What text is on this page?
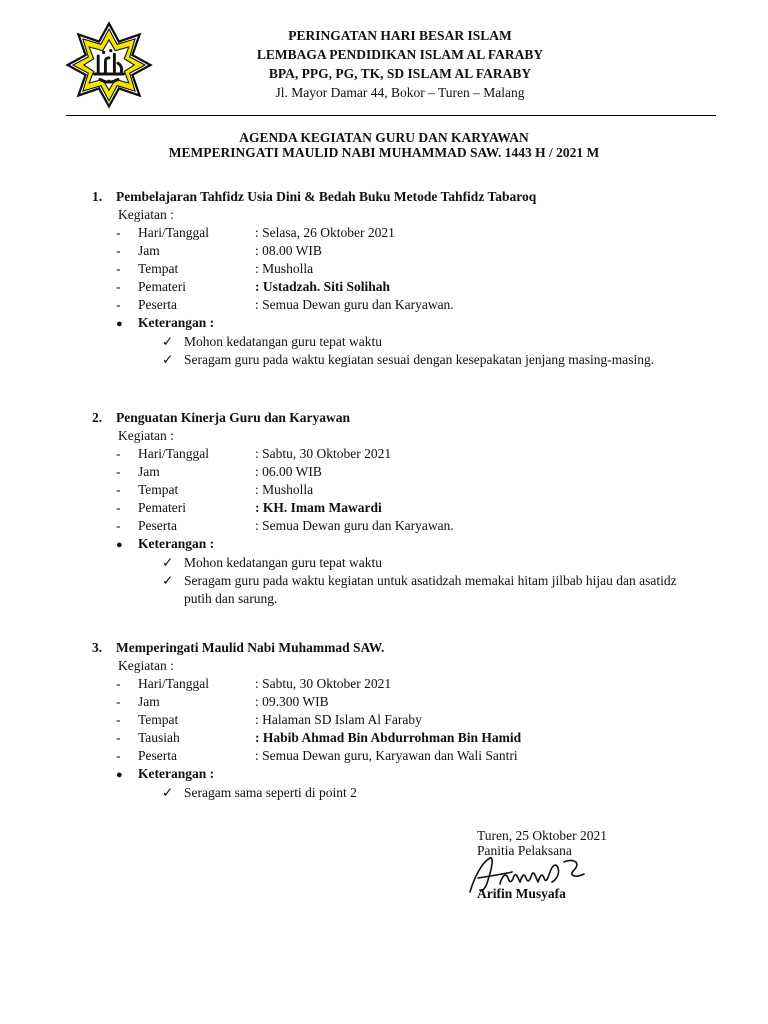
PERINGATAN HARI BESAR ISLAM
LEMBAGA PENDIDIKAN ISLAM AL FARABY
BPA, PPG, PG, TK, SD ISLAM AL FARABY
Jl. Mayor Damar 44, Bokor – Turen – Malang
AGENDA KEGIATAN GURU DAN KARYAWAN
MEMPERINGATI MAULID NABI MUHAMMAD SAW. 1443 H / 2021 M
1. Pembelajaran Tahfidz Usia Dini & Bedah Buku Metode Tahfidz Tabaroq
Kegiatan :
- Hari/Tanggal	: Selasa, 26 Oktober 2021
- Jam	: 08.00 WIB
- Tempat	: Musholla
- Pemateri	: Ustadzah. Siti Solihah
- Peserta	: Semua Dewan guru dan Karyawan.
● Keterangan :
✓ Mohon kedatangan guru tepat waktu
✓ Seragam guru pada waktu kegiatan sesuai dengan kesepakatan jenjang masing-masing.
2. Penguatan Kinerja Guru dan Karyawan
Kegiatan :
- Hari/Tanggal	: Sabtu, 30 Oktober 2021
- Jam	: 06.00 WIB
- Tempat	: Musholla
- Pemateri	: KH. Imam Mawardi
- Peserta	: Semua Dewan guru dan Karyawan.
● Keterangan :
✓ Mohon kedatangan guru tepat waktu
✓ Seragam guru pada waktu kegiatan untuk asatidzah memakai hitam jilbab hijau dan asatidz putih dan sarung.
3. Memperingati Maulid Nabi Muhammad SAW.
Kegiatan :
- Hari/Tanggal	: Sabtu, 30 Oktober 2021
- Jam	: 09.300 WIB
- Tempat	: Halaman SD Islam Al Faraby
- Tausiah	: Habib Ahmad Bin Abdurrohman Bin Hamid
- Peserta	: Semua Dewan guru, Karyawan dan Wali Santri
● Keterangan :
✓ Seragam sama seperti di point 2
Turen, 25 Oktober 2021
Panitia Pelaksana
Arifin Musyafa
